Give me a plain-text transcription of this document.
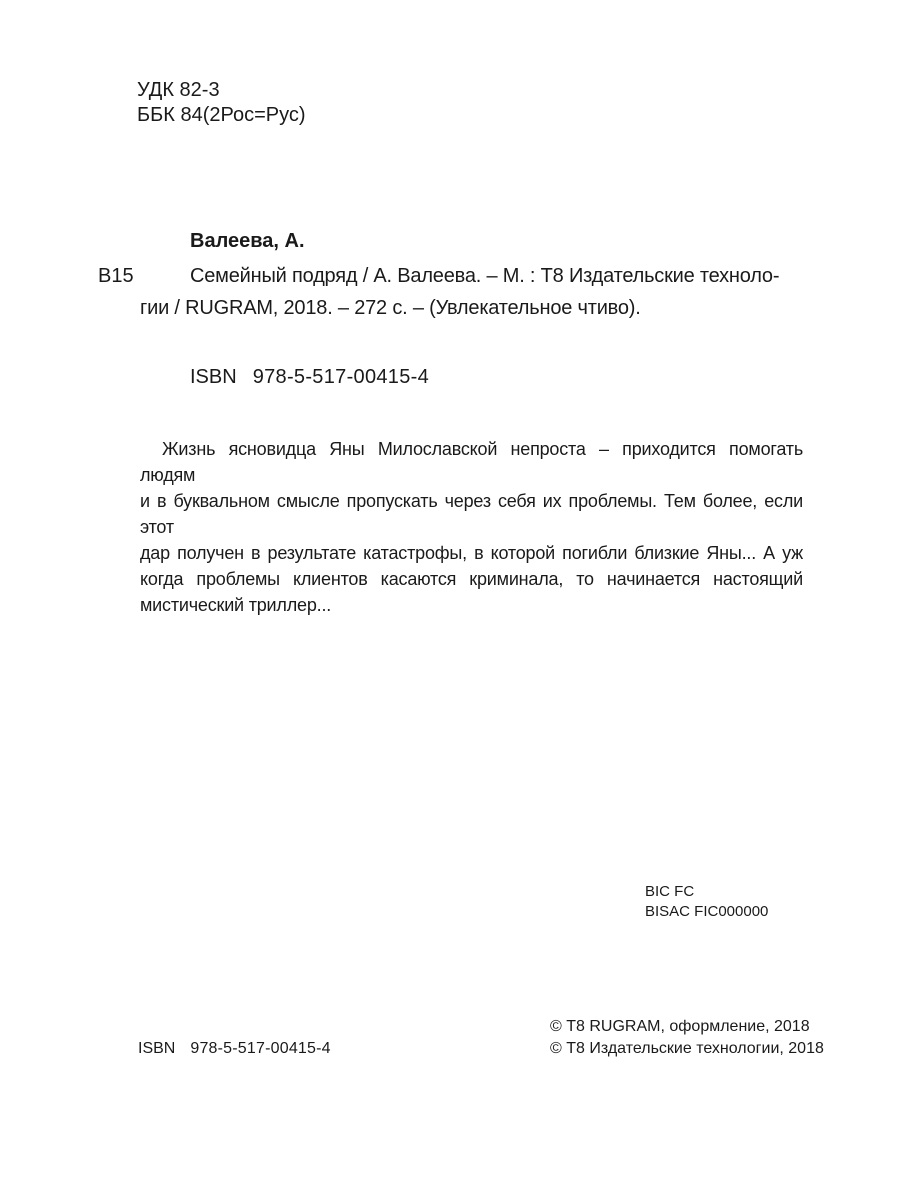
УДК 82-3
ББК 84(2Рос=Рус)
Валеева, А.
В15	Семейный подряд / А. Валеева. – М. : Т8 Издательские техноло-
гии / RUGRAM, 2018. – 272 с. – (Увлекательное чтиво).
ISBN 978-5-517-00415-4
Жизнь ясновидца Яны Милославской непроста – приходится помогать людям
и в буквальном смысле пропускать через себя их проблемы. Тем более, если этот
дар получен в результате катастрофы, в которой погибли близкие Яны... А уж
когда проблемы клиентов касаются криминала, то начинается настоящий
мистический триллер...
BIC FC
BISAC FIC000000
© Т8 RUGRAM, оформление, 2018
© Т8 Издательские технологии, 2018
ISBN 978-5-517-00415-4
